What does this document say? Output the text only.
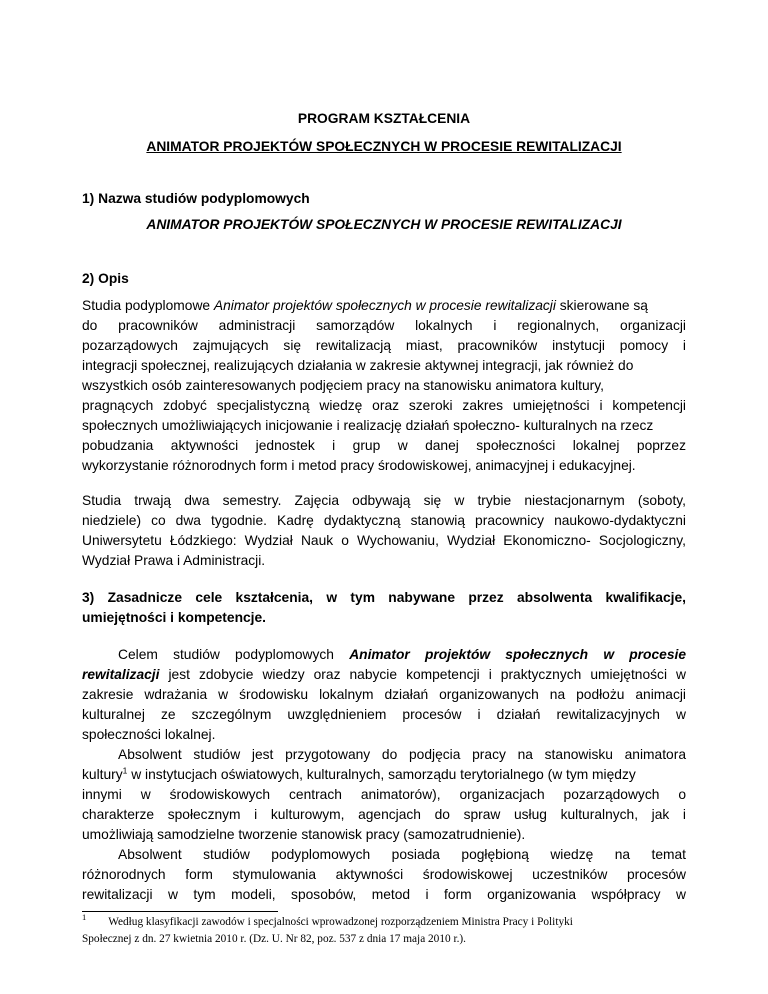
PROGRAM KSZTAŁCENIA
ANIMATOR PROJEKTÓW SPOŁECZNYCH W PROCESIE REWITALIZACJI
1) Nazwa studiów podyplomowych
ANIMATOR PROJEKTÓW SPOŁECZNYCH W PROCESIE REWITALIZACJI
2) Opis
Studia podyplomowe Animator projektów społecznych w procesie rewitalizacji skierowane są
do pracowników administracji samorządów lokalnych i regionalnych, organizacji
pozarządowych zajmujących się rewitalizacją miast, pracowników instytucji pomocy i
integracji społecznej, realizujących działania w zakresie aktywnej integracji, jak również do
wszystkich osób zainteresowanych podjęciem pracy na stanowisku animatora kultury,
pragnących zdobyć specjalistyczną wiedzę oraz szeroki zakres umiejętności i kompetencji
społecznych umożliwiających inicjowanie i realizację działań społeczno- kulturalnych na rzecz
pobudzania aktywności jednostek i grup w danej społeczności lokalnej poprzez
wykorzystanie różnorodnych form i metod pracy środowiskowej, animacyjnej i edukacyjnej.
Studia trwają dwa semestry. Zajęcia odbywają się w trybie niestacjonarnym (soboty,
niedziele) co dwa tygodnie. Kadrę dydaktyczną stanowią pracownicy naukowo-dydaktyczni
Uniwersytetu Łódzkiego: Wydział Nauk o Wychowaniu, Wydział Ekonomiczno- Socjologiczny,
Wydział Prawa i Administracji.
3) Zasadnicze cele kształcenia, w tym nabywane przez absolwenta kwalifikacje,
umiejętności i kompetencje.
Celem studiów podyplomowych Animator projektów społecznych w procesie
rewitalizacji jest zdobycie wiedzy oraz nabycie kompetencji i praktycznych umiejętności w
zakresie wdrażania w środowisku lokalnym działań organizowanych na podłożu animacji
kulturalnej ze szczególnym uwzględnieniem procesów i działań rewitalizacyjnych w
społeczności lokalnej.
Absolwent studiów jest przygotowany do podjęcia pracy na stanowisku animatora
kultury$^1$ w instytucjach oświatowych, kulturalnych, samorządu terytorialnego (w tym między
innymi w środowiskowych centrach animatorów), organizacjach pozarządowych o
charakterze społecznym i kulturowym, agencjach do spraw usług kulturalnych, jak i
umożliwiają samodzielne tworzenie stanowisk pracy (samozatrudnienie).
Absolwent studiów podyplomowych posiada pogłębioną wiedzę na temat
różnorodnych form stymulowania aktywności środowiskowej uczestników procesów
rewitalizacji w tym modeli, sposobów, metod i form organizowania współpracy w
$^1$ Według klasyfikacji zawodów i specjalności wprowadzonej rozporządzeniem Ministra Pracy i Polityki
Społecznej z dn. 27 kwietnia 2010 r. (Dz. U. Nr 82, poz. 537 z dnia 17 maja 2010 r.).
